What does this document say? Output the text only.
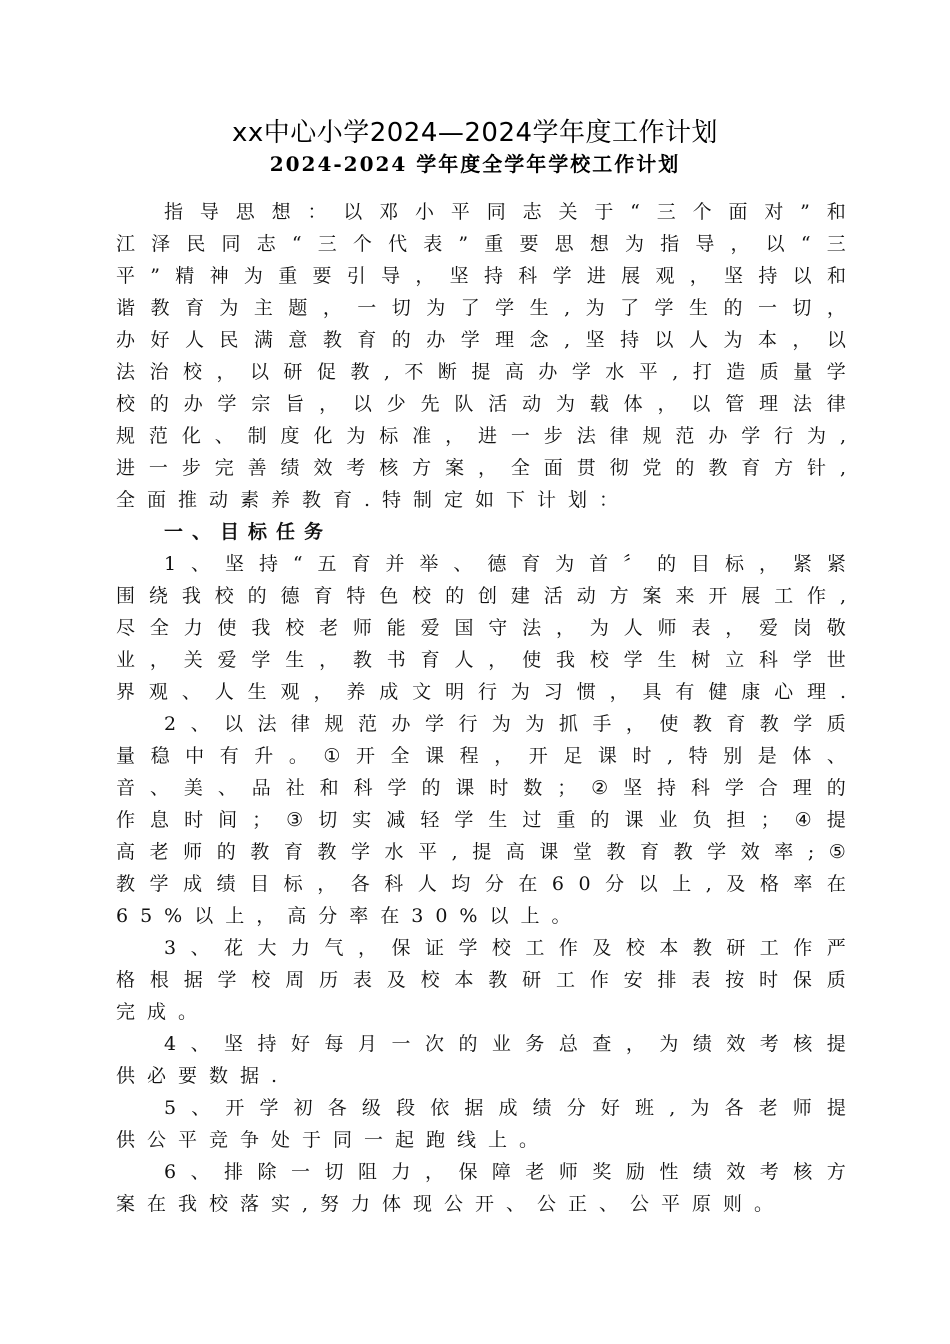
xx中心小学2024—2024学年度工作计划
2024-2024 学年度全学年学校工作计划
指 导 思 想 ： 以 邓 小 平 同 志 关 于 “ 三 个 面 对 ” 和
江 泽 民 同 志 “ 三 个 代 表 ” 重 要 思 想 为 指 导 ， 以 “ 三
平 ” 精 神 为 重 要 引 导 ， 坚 持 科 学 进 展 观 ， 坚 持 以 和
谐 教 育 为 主 题 ， 一 切 为 了 学 生 , 为 了 学 生 的 一 切 ，
办 好 人 民 满 意 教 育 的 办 学 理 念 , 坚 持 以 人 为 本 ， 以
法 治 校 ， 以 研 促 教 , 不 断 提 高 办 学 水 平 , 打 造 质 量 学
校 的 办 学 宗 旨 ， 以 少 先 队 活 动 为 载 体 ， 以 管 理 法 律
规 范 化 、 制 度 化 为 标 准 ， 进 一 步 法 律 规 范 办 学 行 为 ,
进 一 步 完 善 绩 效 考 核 方 案 ， 全 面 贯 彻 党 的 教 育 方 针 ,
全面推动素养教育.特制定如下计划：
一、目标任务
1 、 坚 持 “ 五 育 并 举 、 德 育 为 首 〞 的 目 标 ， 紧 紧
围 绕 我 校 的 德 育 特 色 校 的 创 建 活 动 方 案 来 开 展 工 作 ,
尽 全 力 使 我 校 老 师 能 爱 国 守 法 ， 为 人 师 表 ， 爱 岗 敬
业 ， 关 爱 学 生 ， 教 书 育 人 ， 使 我 校 学 生 树 立 科 学 世
界 观 、 人 生 观 ， 养 成 文 明 行 为 习 惯 ， 具 有 健 康 心 理 .
2 、 以 法 律 规 范 办 学 行 为 为 抓 手 ， 使 教 育 教 学 质
量 稳 中 有 升 。 ① 开 全 课 程 ， 开 足 课 时 , 特 别 是 体 、
音 、 美 、 品 社 和 科 学 的 课 时 数 ； ② 坚 持 科 学 合 理 的
作 息 时 间 ； ③ 切 实 减 轻 学 生 过 重 的 课 业 负 担 ； ④ 提
高 老 师 的 教 育 教 学 水 平 , 提 高 课 堂 教 育 教 学 效 率 ; ⑤
教 学 成 绩 目 标 ， 各 科 人 均 分 在 6 0 分 以 上 , 及 格 率 在
65%以上，高分率在30%以上。
3 、 花 大 力 气 ， 保 证 学 校 工 作 及 校 本 教 研 工 作 严
格 根 据 学 校 周 历 表 及 校 本 教 研 工 作 安 排 表 按 时 保 质
完成。
4 、 坚 持 好 每 月 一 次 的 业 务 总 查 ， 为 绩 效 考 核 提
供必要数据.
5 、 开 学 初 各 级 段 依 据 成 绩 分 好 班 , 为 各 老 师 提
供公平竞争处于同一起跑线上。
6 、 排 除 一 切 阻 力 ， 保 障 老 师 奖 励 性 绩 效 考 核 方
案在我校落实,努力体现公开、公正、公平原则。
